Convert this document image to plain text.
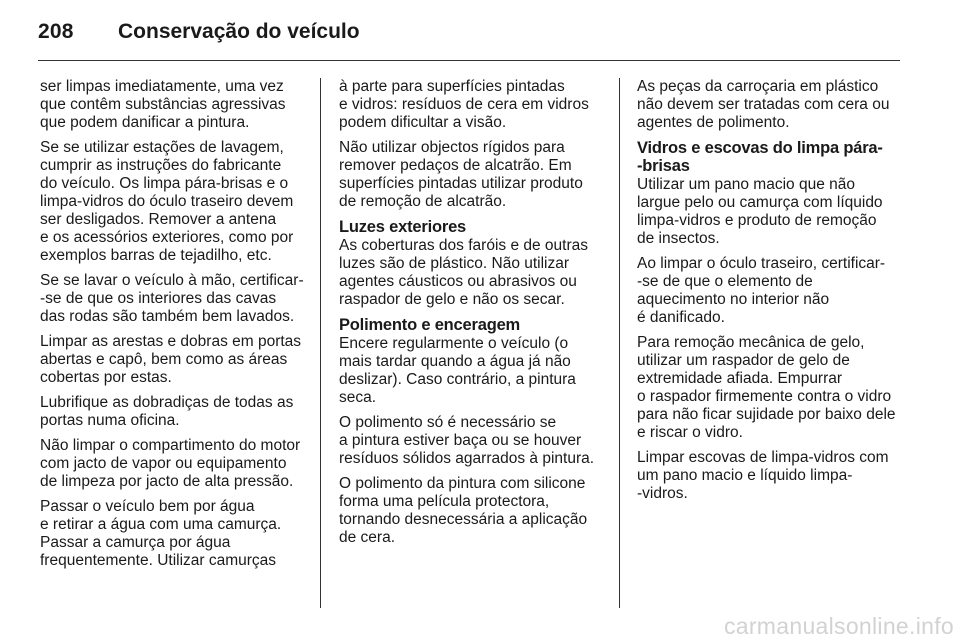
208 Conservação do veículo

ser limpas imediatamente, uma vez
que contêm substâncias agressivas
que podem danificar a pintura.

Se se utilizar estações de lavagem,
cumprir as instruções do fabricante
do veículo. Os limpa pára-brisas e o
limpa-vidros do óculo traseiro devem
ser desligados. Remover a antena
e os acessórios exteriores, como por
exemplos barras de tejadilho, etc.

Se se lavar o veículo à mão, certificar-
-se de que os interiores das cavas
das rodas são também bem lavados.

Limpar as arestas e dobras em portas
abertas e capô, bem como as áreas
cobertas por estas.

Lubrifique as dobradiças de todas as
portas numa oficina.

Não limpar o compartimento do motor
com jacto de vapor ou equipamento
de limpeza por jacto de alta pressão.

Passar o veículo bem por água
e retirar a água com uma camurça.
Passar a camurça por água
frequentemente. Utilizar camurças

à parte para superfícies pintadas
e vidros: resíduos de cera em vidros
podem dificultar a visão.

Não utilizar objectos rígidos para
remover pedaços de alcatrão. Em
superfícies pintadas utilizar produto
de remoção de alcatrão.

Luzes exteriores

As coberturas dos faróis e de outras
luzes são de plástico. Não utilizar
agentes cáusticos ou abrasivos ou
raspador de gelo e não os secar.

Polimento e enceragem

Encere regularmente o veículo (o
mais tardar quando a água já não
deslizar). Caso contrário, a pintura
seca.

O polimento só é necessário se
a pintura estiver baça ou se houver
resíduos sólidos agarrados à pintura.

O polimento da pintura com silicone
forma uma película protectora,
tornando desnecessária a aplicação
de cera.

As peças da carroçaria em plástico
não devem ser tratadas com cera ou
agentes de polimento.

Vidros e escovas do limpa pára-
-brisas

Utilizar um pano macio que não
largue pelo ou camurça com líquido
limpa-vidros e produto de remoção
de insectos.

Ao limpar o óculo traseiro, certificar-
-se de que o elemento de
aquecimento no interior não
é danificado.

Para remoção mecânica de gelo,
utilizar um raspador de gelo de
extremidade afiada. Empurrar
o raspador firmemente contra o vidro
para não ficar sujidade por baixo dele
e riscar o vidro.

Limpar escovas de limpa-vidros com
um pano macio e líquido limpa-
-vidros.

carmanualsonline.info
